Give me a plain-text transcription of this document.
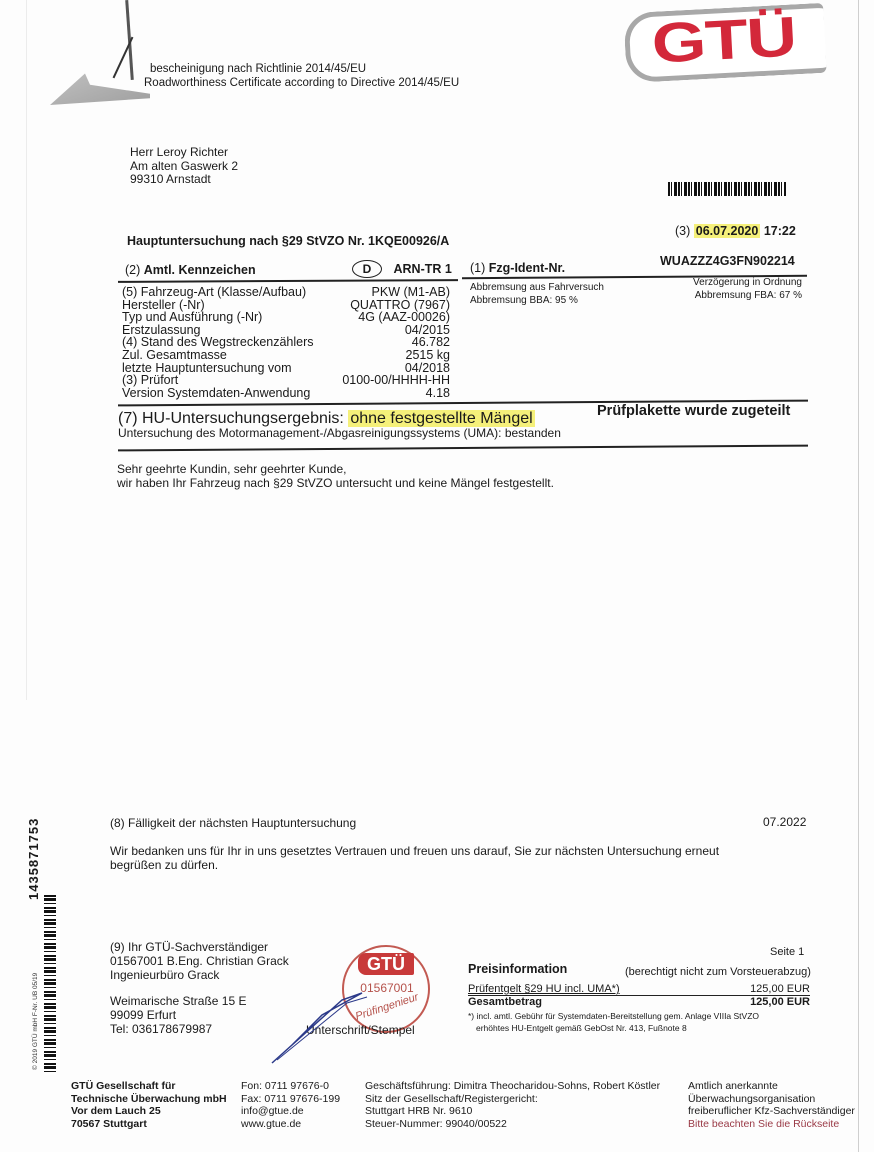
bescheinigung nach Richtlinie 2014/45/EU
Roadworthiness Certificate according to Directive 2014/45/EU
GTÜ
Herr Leroy Richter
Am alten Gaswerk 2
99310 Arnstadt
(3) 06.07.2020 17:22
Hauptuntersuchung nach §29 StVZO Nr. 1KQE00926/A
(2) Amtl. Kennzeichen	D ARN-TR 1 (1) Fzg-Ident-Nr.	WUAZZZ4G3FN902214
(5) Fahrzeug-Art (Klasse/Aufbau)	PKW (M1-AB)
Hersteller (-Nr)	QUATTRO (7967)
Typ und Ausführung (-Nr)	4G (AAZ-00026)
Erstzulassung	04/2015
(4) Stand des Wegstreckenzählers	46.782
Zul. Gesamtmasse	2515 kg
letzte Hauptuntersuchung vom	04/2018
(3) Prüfort	0100-00/HHHH-HH
Version Systemdaten-Anwendung	4.18
Abbremsung aus Fahrversuch
Abbremsung BBA: 95 %
Verzögerung in Ordnung
Abbremsung FBA: 67 %
(7) HU-Untersuchungsergebnis: ohne festgestellte Mängel	Prüfplakette wurde zugeteilt
Untersuchung des Motormanagement-/Abgasreinigungssystems (UMA): bestanden
Sehr geehrte Kundin, sehr geehrter Kunde,
wir haben Ihr Fahrzeug nach §29 StVZO untersucht und keine Mängel festgestellt.
(8) Fälligkeit der nächsten Hauptuntersuchung	07.2022
Wir bedanken uns für Ihr in uns gesetztes Vertrauen und freuen uns darauf, Sie zur nächsten Untersuchung erneut
begrüßen zu dürfen.
1435871753
© 2019 GTÜ mbH F-Nr. UB 05/19
(9) Ihr GTÜ-Sachverständiger
01567001 B.Eng. Christian Grack
Ingenieurbüro Grack
Weimarische Straße 15 E
99099 Erfurt
Tel: 036178679987
GTÜ
01567001
Prüfingenieur
Unterschrift/Stempel
Seite 1
Preisinformation	(berechtigt nicht zum Vorsteuerabzug)
Prüfentgelt §29 HU incl. UMA*)	125,00 EUR
Gesamtbetrag	125,00 EUR
*) incl. amtl. Gebühr für Systemdaten-Bereitstellung gem. Anlage VIIIa StVZO
erhöhtes HU-Entgelt gemäß GebOst Nr. 413, Fußnote 8
GTÜ Gesellschaft für
Technische Überwachung mbH
Vor dem Lauch 25
70567 Stuttgart
Fon: 0711 97676-0
Fax: 0711 97676-199
info@gtue.de
www.gtue.de
Geschäftsführung: Dimitra Theocharidou-Sohns, Robert Köstler
Sitz der Gesellschaft/Registergericht:
Stuttgart HRB Nr. 9610
Steuer-Nummer: 99040/00522
Amtlich anerkannte
Überwachungsorganisation
freiberuflicher Kfz-Sachverständiger
Bitte beachten Sie die Rückseite
